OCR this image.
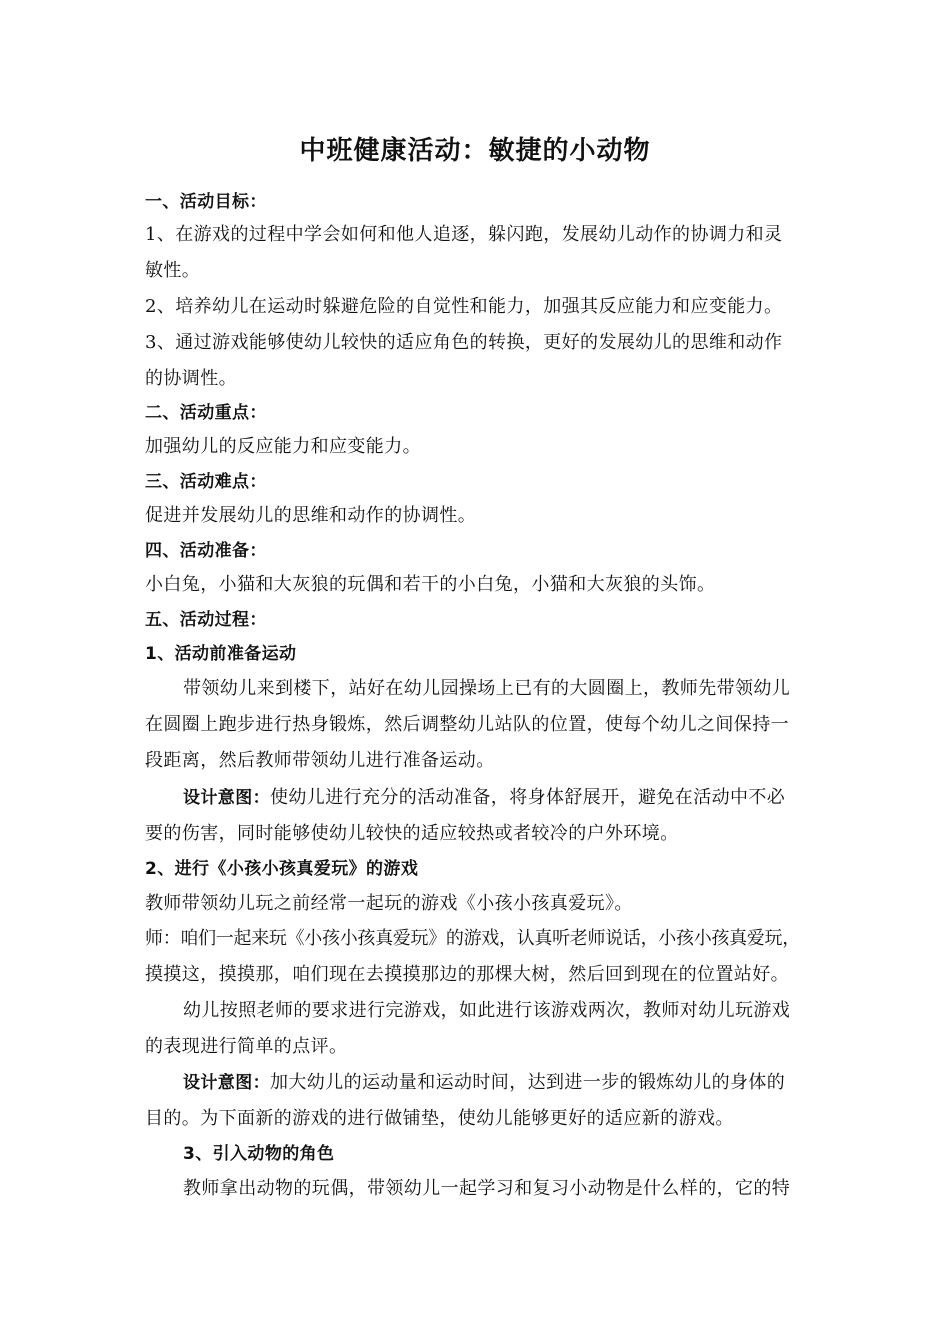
中班健康活动：敏捷的小动物
一、活动目标：
1、在游戏的过程中学会如何和他人追逐，躲闪跑，发展幼儿动作的协调力和灵
敏性。
2、培养幼儿在运动时躲避危险的自觉性和能力，加强其反应能力和应变能力。
3、通过游戏能够使幼儿较快的适应角色的转换，更好的发展幼儿的思维和动作
的协调性。
二、活动重点：
加强幼儿的反应能力和应变能力。
三、活动难点：
促进并发展幼儿的思维和动作的协调性。
四、活动准备：
小白兔，小猫和大灰狼的玩偶和若干的小白兔，小猫和大灰狼的头饰。
五、活动过程：
1、活动前准备运动
带领幼儿来到楼下，站好在幼儿园操场上已有的大圆圈上，教师先带领幼儿
在圆圈上跑步进行热身锻炼，然后调整幼儿站队的位置，使每个幼儿之间保持一
段距离，然后教师带领幼儿进行准备运动。
设计意图：使幼儿进行充分的活动准备，将身体舒展开，避免在活动中不必
要的伤害，同时能够使幼儿较快的适应较热或者较冷的户外环境。
2、进行《小孩小孩真爱玩》的游戏
教师带领幼儿玩之前经常一起玩的游戏《小孩小孩真爱玩》。
师：咱们一起来玩《小孩小孩真爱玩》的游戏，认真听老师说话，小孩小孩真爱玩，
摸摸这，摸摸那，咱们现在去摸摸那边的那棵大树，然后回到现在的位置站好。
幼儿按照老师的要求进行完游戏，如此进行该游戏两次，教师对幼儿玩游戏
的表现进行简单的点评。
设计意图：加大幼儿的运动量和运动时间，达到进一步的锻炼幼儿的身体的
目的。为下面新的游戏的进行做铺垫，使幼儿能够更好的适应新的游戏。
3、引入动物的角色
教师拿出动物的玩偶，带领幼儿一起学习和复习小动物是什么样的，它的特
